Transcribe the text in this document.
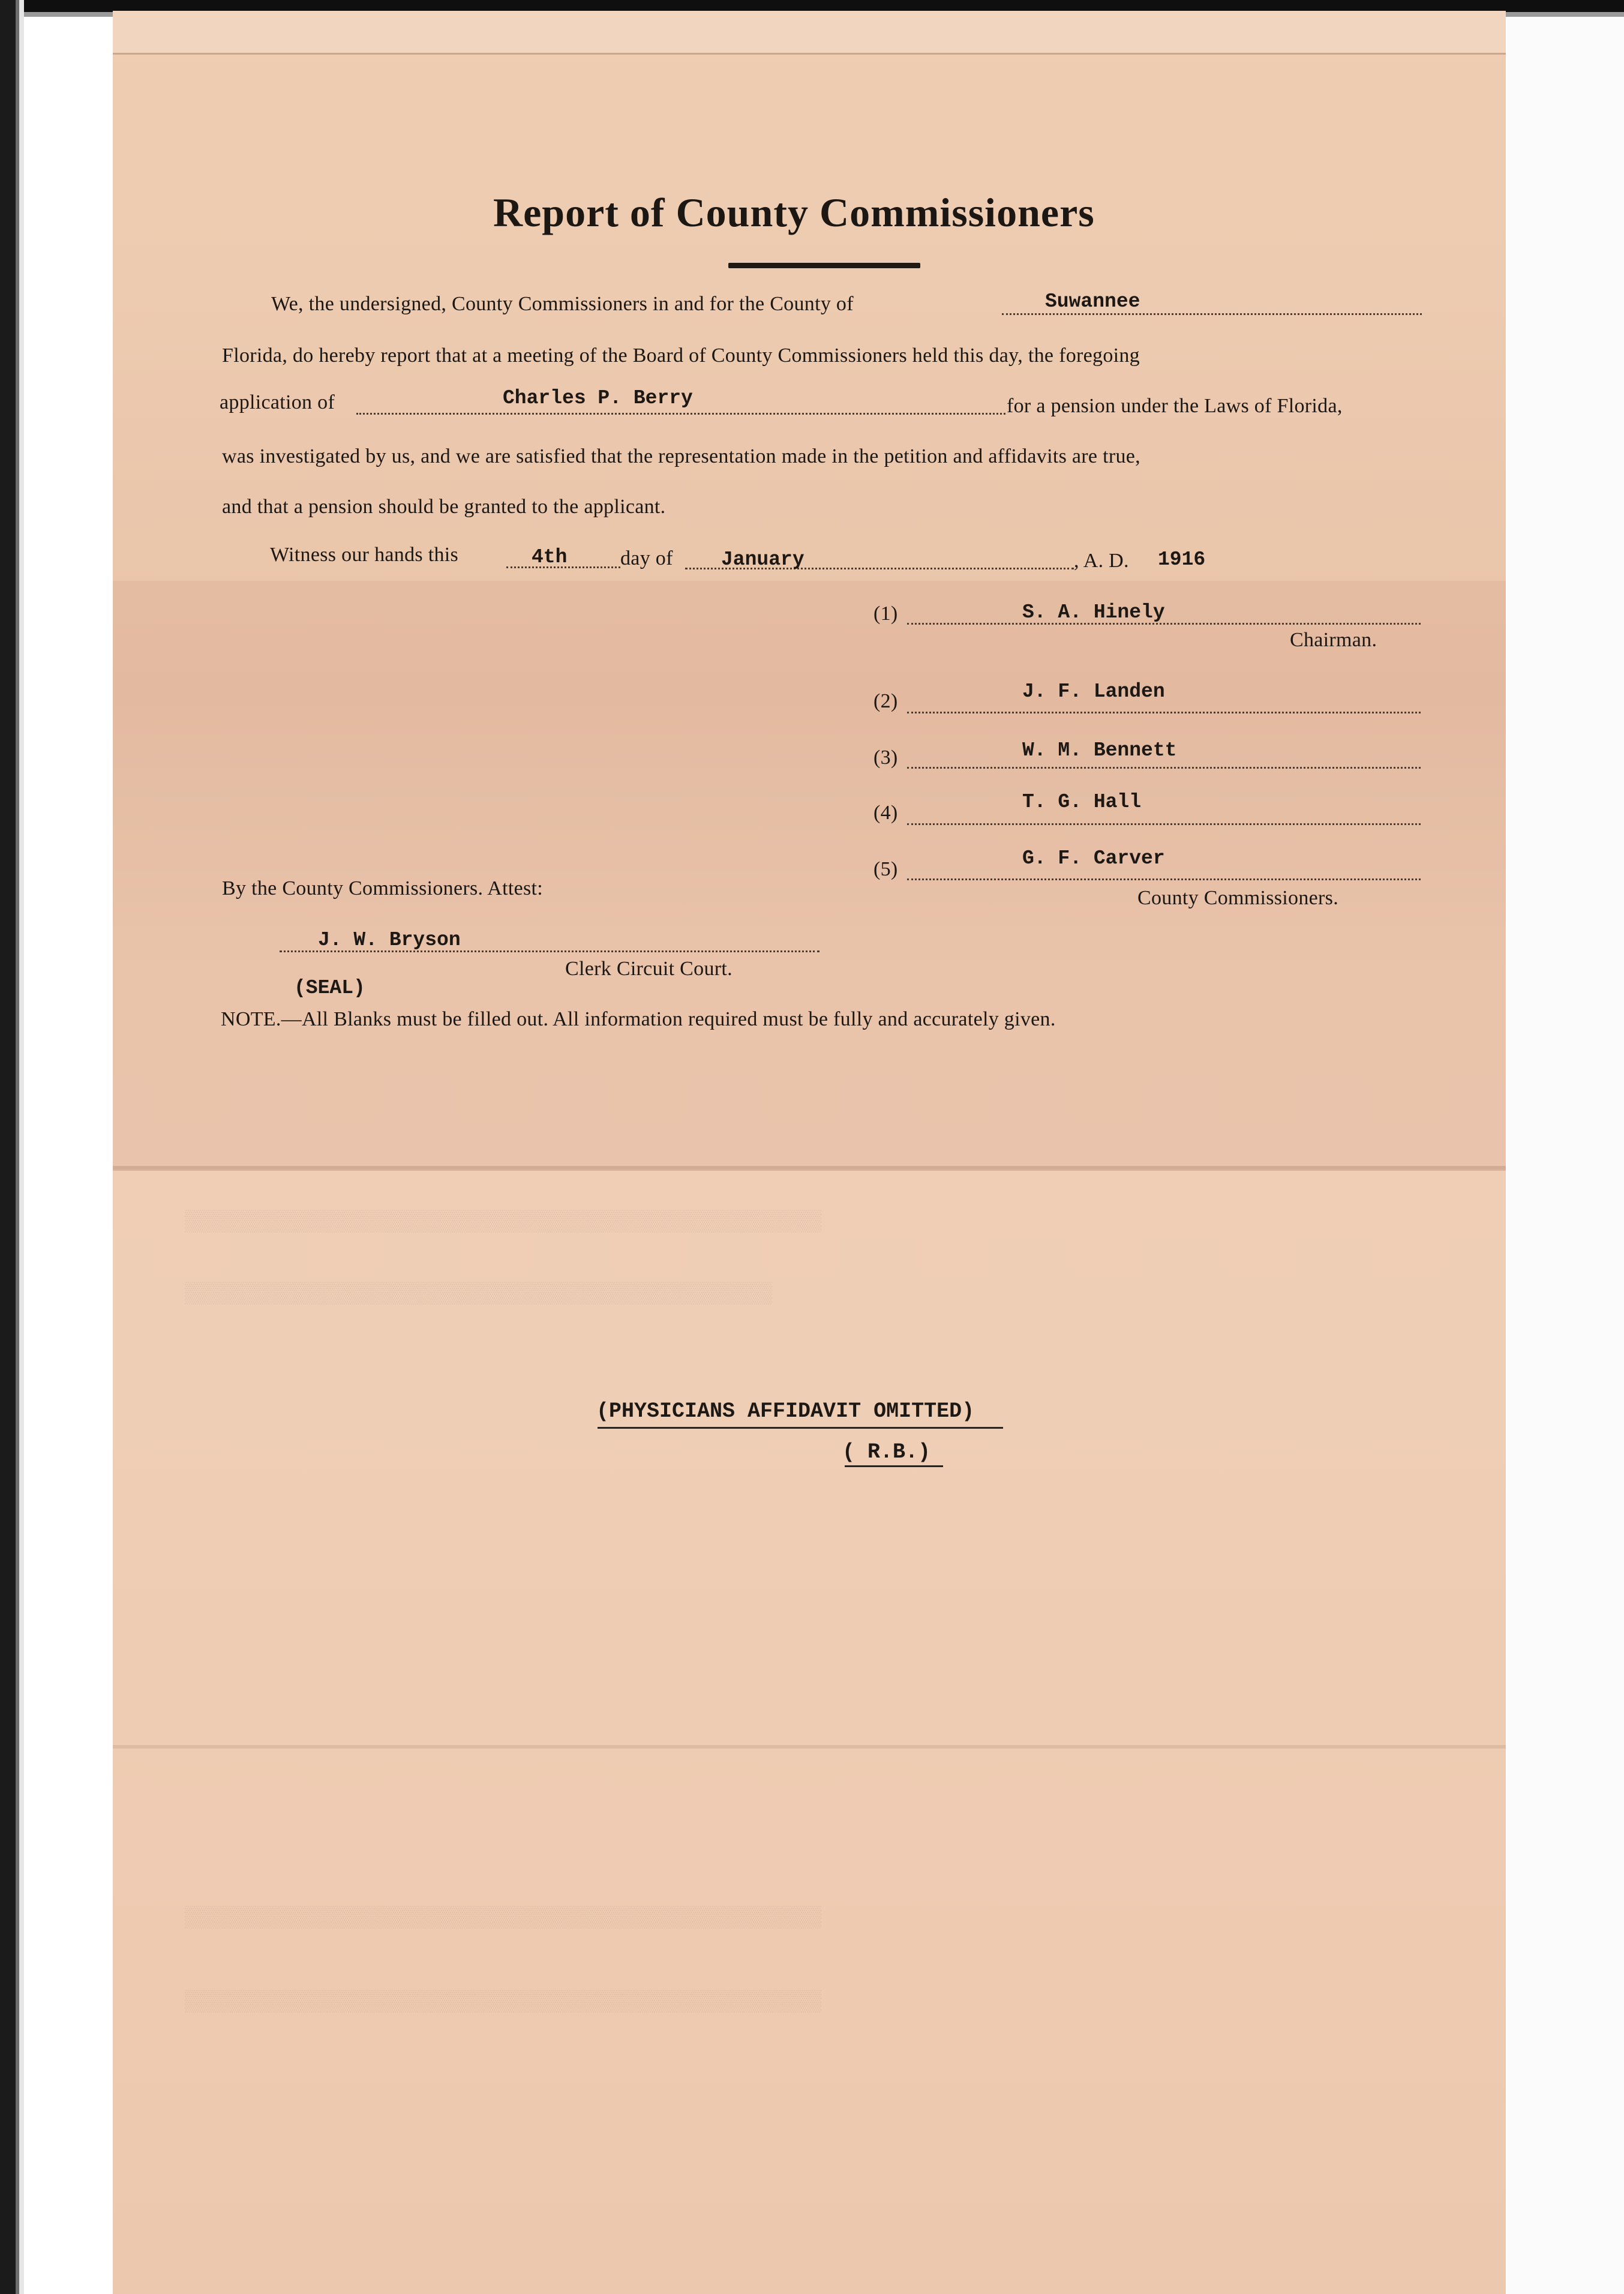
▒▒▒▒▒▒▒▒▒▒▒▒▒▒▒▒▒▒▒▒▒▒▒▒▒▒▒▒▒▒▒▒▒▒▒▒▒▒▒▒▒▒▒▒▒▒▒▒▒▒▒▒
▒▒▒▒▒▒▒▒▒▒▒▒▒▒▒▒▒▒▒▒▒▒▒▒▒▒▒▒▒▒▒▒▒▒▒▒▒▒▒▒▒▒▒▒▒▒▒▒
▒▒▒▒▒▒▒▒▒▒▒▒▒▒▒▒▒▒▒▒▒▒▒▒▒▒▒▒▒▒▒▒▒▒▒▒▒▒▒▒▒▒▒▒▒▒▒▒▒▒▒▒
▒▒▒▒▒▒▒▒▒▒▒▒▒▒▒▒▒▒▒▒▒▒▒▒▒▒▒▒▒▒▒▒▒▒▒▒▒▒▒▒▒▒▒▒▒▒▒▒▒▒▒▒
Report of County Commissioners
We, the undersigned, County Commissioners in and for the County of	Suwannee
Florida, do hereby report that at a meeting of the Board of County Commissioners held this day, the foregoing
application of	Charles P. Berry	for a pension under the Laws of Florida,
was investigated by us, and we are satisfied that the representation made in the petition and affidavits are true,
and that a pension should be granted to the applicant.
Witness our hands this	4th	day of January	, A. D. 1916
(1)	S. A. Hinely
Chairman.
(2)	J. F. Landen
(3)	W. M. Bennett
(4)	T. G. Hall
(5)	G. F. Carver
County Commissioners.
By the County Commissioners. Attest:
J. W. Bryson
Clerk Circuit Court.
(SEAL)
NOTE.—All Blanks must be filled out. All information required must be fully and accurately given.
(PHYSICIANS AFFIDAVIT OMITTED)
( R.B.)
